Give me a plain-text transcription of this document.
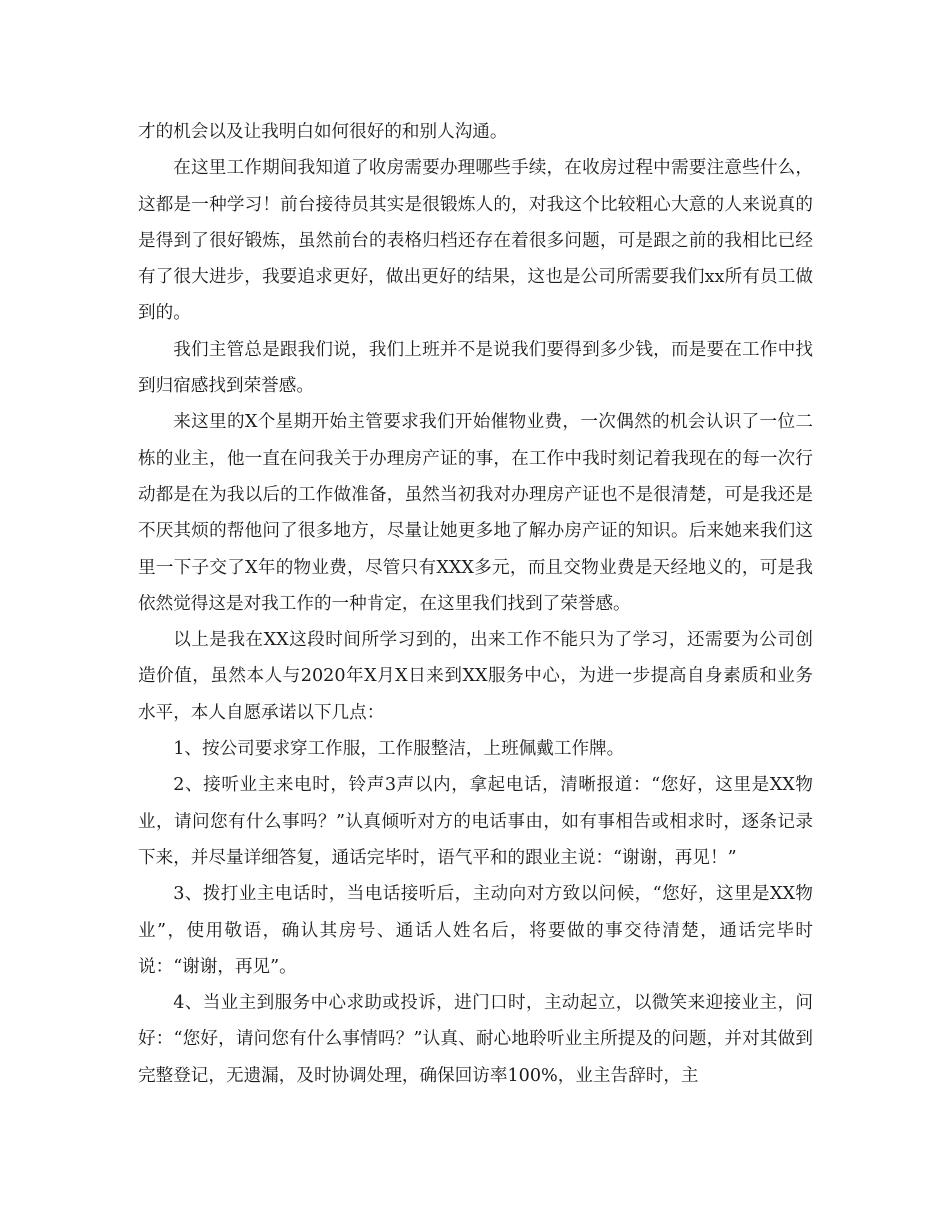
才的机会以及让我明白如何很好的和别人沟通。

在这里工作期间我知道了收房需要办理哪些手续，在收房过程中需要注意些什么，这都是一种学习！前台接待员其实是很锻炼人的，对我这个比较粗心大意的人来说真的是得到了很好锻炼，虽然前台的表格归档还存在着很多问题，可是跟之前的我相比已经有了很大进步，我要追求更好，做出更好的结果，这也是公司所需要我们xx所有员工做到的。

我们主管总是跟我们说，我们上班并不是说我们要得到多少钱，而是要在工作中找到归宿感找到荣誉感。

来这里的X个星期开始主管要求我们开始催物业费，一次偶然的机会认识了一位二栋的业主，他一直在问我关于办理房产证的事，在工作中我时刻记着我现在的每一次行动都是在为我以后的工作做准备，虽然当初我对办理房产证也不是很清楚，可是我还是不厌其烦的帮他问了很多地方，尽量让她更多地了解办房产证的知识。后来她来我们这里一下子交了X年的物业费，尽管只有XXX多元，而且交物业费是天经地义的，可是我依然觉得这是对我工作的一种肯定，在这里我们找到了荣誉感。

以上是我在XX这段时间所学习到的，出来工作不能只为了学习，还需要为公司创造价值，虽然本人与2020年X月X日来到XX服务中心，为进一步提高自身素质和业务水平，本人自愿承诺以下几点：

1、按公司要求穿工作服，工作服整洁，上班佩戴工作牌。

2、接听业主来电时，铃声3声以内，拿起电话，清晰报道：“您好，这里是XX物业，请问您有什么事吗？”认真倾听对方的电话事由，如有事相告或相求时，逐条记录下来，并尽量详细答复，通话完毕时，语气平和的跟业主说：“谢谢，再见！”

3、拨打业主电话时，当电话接听后，主动向对方致以问候，“您好，这里是XX物业”，使用敬语，确认其房号、通话人姓名后，将要做的事交待清楚，通话完毕时说：“谢谢，再见”。

4、当业主到服务中心求助或投诉，进门口时，主动起立，以微笑来迎接业主，问好：“您好，请问您有什么事情吗？”认真、耐心地聆听业主所提及的问题，并对其做到完整登记，无遗漏，及时协调处理，确保回访率100%，业主告辞时，主
